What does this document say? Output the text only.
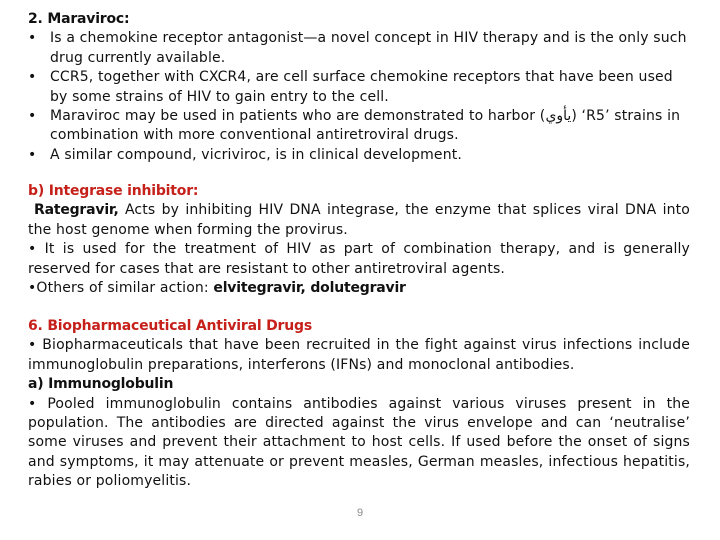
2. Maraviroc:
• Is a chemokine receptor antagonist—a novel concept in HIV therapy and is the only such drug currently available.
• CCR5, together with CXCR4, are cell surface chemokine receptors that have been used by some strains of HIV to gain entry to the cell.
• Maraviroc may be used in patients who are demonstrated to harbor (يأوي) ‘R5’ strains in combination with more conventional antiretroviral drugs.
• A similar compound, vicriviroc, is in clinical development.
b) Integrase inhibitor:
Rategravir, Acts by inhibiting HIV DNA integrase, the enzyme that splices viral DNA into the host genome when forming the provirus.
• It is used for the treatment of HIV as part of combination therapy, and is generally reserved for cases that are resistant to other antiretroviral agents.
•Others of similar action: elvitegravir, dolutegravir
6. Biopharmaceutical Antiviral Drugs
• Biopharmaceuticals that have been recruited in the fight against virus infections include immunoglobulin preparations, interferons (IFNs) and monoclonal antibodies.
a) Immunoglobulin
• Pooled immunoglobulin contains antibodies against various viruses present in the population. The antibodies are directed against the virus envelope and can ‘neutralise’ some viruses and prevent their attachment to host cells. If used before the onset of signs and symptoms, it may attenuate or prevent measles, German measles, infectious hepatitis, rabies or poliomyelitis.
9
